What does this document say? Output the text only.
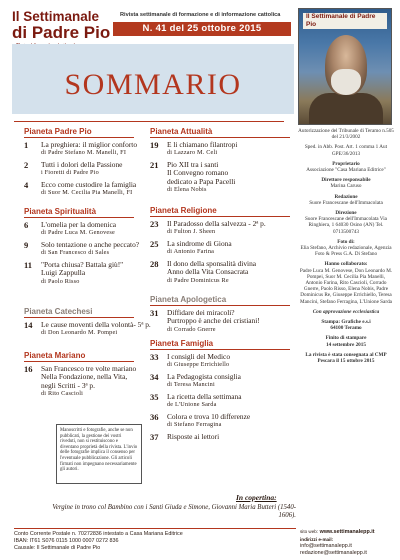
Il Settimanale
di Padre Pio
Rivista settimanale di formazione e di informazione cattolica
N. 41 del 25 ottobre 2015
Il Settimanale di Padre Pio
SOMMARIO
Pianeta Padre Pio
1 La preghiera: il miglior conforto
di Padre Stefano M. Manelli, FI
2 Tutti i dolori della Passione
i Fioretti di Padre Pio
4 Ecco come custodire la famiglia
di Suor M. Cecilia Pia Manelli, FI
Pianeta Spiritualità
6 L'omelia per la domenica
di Padre Luca M. Genovese
9 Solo tentazione o anche peccato?
di San Francesco di Sales
11 "Porta chiusa? Battala giù!"
Luigi Zappulla
di Paolo Risso
Pianeta Catechesi
14 Le cause moventi della volontà- 5ª p.
di Don Leonardo M. Pompei
Pianeta Mariano
16 San Francesco tre volte mariano
Nella Fondazione, nella Vita,
negli Scritti - 3ª p.
di Rito Cascioli
Pianeta Attualità
19 E li chiamano filantropi
di Lazzaro M. Celi
21 Pio XII tra i santi
Il Convegno romano
dedicato a Papa Pacelli
di Elena Nobis
Pianeta Religione
23 Il Paradosso della salvezza - 2ª p.
di Fulton J. Sheen
25 La sindrome di Giona
di Antonio Farina
28 Il dono della sponsalità divina
Anno della Vita Consacrata
di Padre Dominicus Re
Pianeta Apologetica
31 Diffidare dei miracoli?
Purtroppo è anche dei cristiani!
di Corrado Gnerre
Pianeta Famiglia
33 I consigli del Medico
di Giuseppe Errichiello
34 La Pedagogista consiglia
di Teresa Mancini
35 La ricetta della settimana
de L'Unione Sarda
36 Colora e trova 10 differenze
di Stefano Ferragina
37 Risposte ai lettori

Autorizzazione del Tribunale di Teramo n.505 del 21/3/2002

Sped. in Abb. Post. Art. 1 comma 1 Aut GPE/36/2013

Proprietario
Associazione "Casa Mariana Editrice"

Direttore responsabile
Marina Caruso

Redazione
Suore Francescane dell'Immacolata

Direzione
Suore Francescane dell'Immacolata Via Ringhiera, 1 64030 Osino (AN) Tel. 0713500743

Foto di:
Elia Stefano, Archivio redazionale, Agenzia Foto & Press G.A. Di Stefano

Hanno collaborato:
Padre Luca M. Genovese, Don Leonardo M. Pompei, Suor M. Cecilia Pia Manelli, Antonio Farina, Rito Cascioli, Corrado Gnerre, Paolo Risso, Elena Nobis, Padre Dominicus Re, Giuseppe Errichiello, Teresa Mancini, Stefano Ferragina, L'Unione Sarda

Con approvazione ecclesiastica

Stampa: Grafiche e.s.i
64100 Teramo

Finito di stampare
14 settembre 2015

La rivista è stata consegnata al CMP Pescara il 15 ottobre 2015

Manoscritti e fotografie, anche se non pubblicati, la gestione dei vostri riveduti, non si restituiscono e diventano proprietà della rivista. L'invio delle fotografie implica il consenso per l'eventuale pubblicazione. Gli articoli firmati non impegnano necessariamente gli autori.
In copertina:
Vergine in trono col Bambino con i Santi Giuda e Simone, Giovanni Maria Butteri (1540-1606).
Conto Corrente Postale n. 70272836 intestato a Casa Mariana Editrice
IBAN: IT61 S076 0115 1000 0007 0272 836
Causale: Il Settimanale di Padre Pio
sito web: www.settimanalepp.it
indirizzi e-mail:
info@settimanalepp.it
redazione@settimanalepp.it
